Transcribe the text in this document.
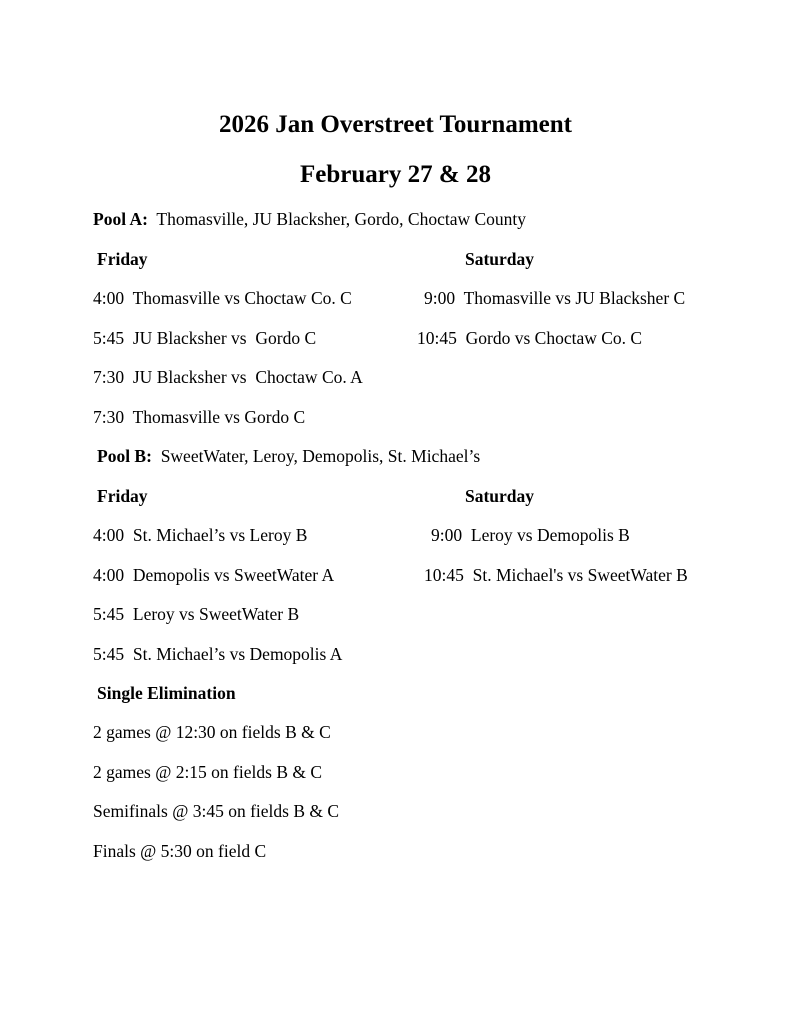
2026 Jan Overstreet Tournament
February 27 & 28
Pool A: Thomasville, JU Blacksher, Gordo, Choctaw County
Friday	Saturday
4:00 Thomasville vs Choctaw Co. C
5:45 JU Blacksher vs  Gordo C
7:30 JU Blacksher vs  Choctaw Co. A
7:30 Thomasville vs Gordo C
9:00 Thomasville vs JU Blacksher C
10:45 Gordo vs Choctaw Co. C
Pool B: SweetWater, Leroy, Demopolis, St. Michael’s
Friday	Saturday
4:00 St. Michael’s vs Leroy B
4:00 Demopolis vs SweetWater A
5:45 Leroy vs SweetWater B
5:45 St. Michael’s vs Demopolis A
9:00 Leroy vs Demopolis B
10:45 St. Michael's vs SweetWater B
Single Elimination
2 games @ 12:30 on fields B & C
2 games @ 2:15 on fields B & C
Semifinals @ 3:45 on fields B & C
Finals @ 5:30 on field C
